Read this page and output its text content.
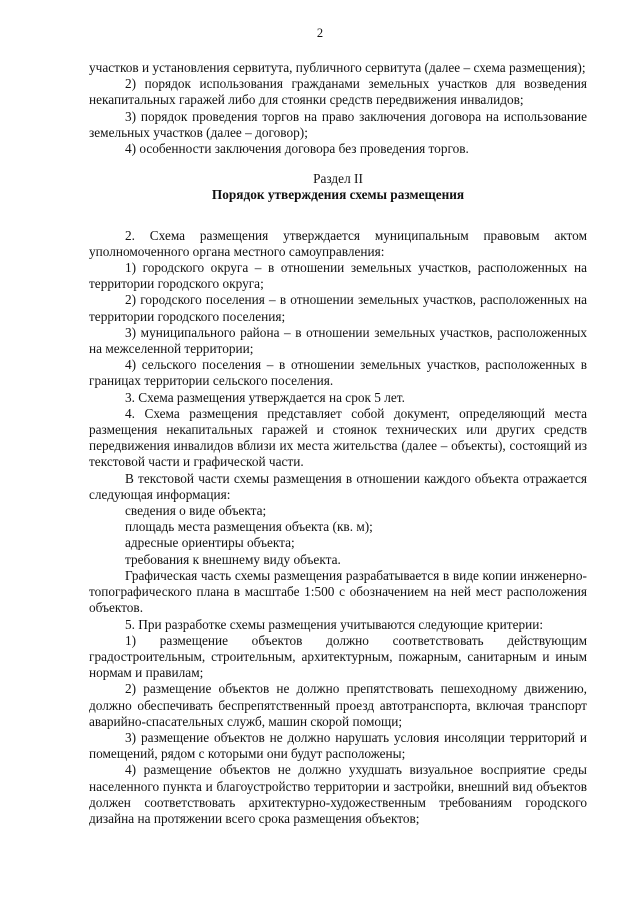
2

участков и установления сервитута, публичного сервитута (далее – схема размещения);

2) порядок использования гражданами земельных участков для возведения некапитальных гаражей либо для стоянки средств передвижения инвалидов;

3) порядок проведения торгов на право заключения договора на использование земельных участков (далее – договор);

4) особенности заключения договора без проведения торгов.

Раздел II

Порядок утверждения схемы размещения

2. Схема размещения утверждается муниципальным правовым актом уполномоченного органа местного самоуправления:

1) городского округа – в отношении земельных участков, расположенных на территории городского округа;

2) городского поселения – в отношении земельных участков, расположенных на территории городского поселения;

3) муниципального района – в отношении земельных участков, расположенных на межселенной территории;

4) сельского поселения – в отношении земельных участков, расположенных в границах территории сельского поселения.

3. Схема размещения утверждается на срок 5 лет.

4. Схема размещения представляет собой документ, определяющий места размещения некапитальных гаражей и стоянок технических или других средств передвижения инвалидов вблизи их места жительства (далее – объекты), состоящий из текстовой части и графической части.

В текстовой части схемы размещения в отношении каждого объекта отражается следующая информация:

сведения о виде объекта;

площадь места размещения объекта (кв. м);

адресные ориентиры объекта;

требования к внешнему виду объекта.

Графическая часть схемы размещения разрабатывается в виде копии инженерно-топографического плана в масштабе 1:500 с обозначением на ней мест расположения объектов.

5. При разработке схемы размещения учитываются следующие критерии:

1) размещение объектов должно соответствовать действующим градостроительным, строительным, архитектурным, пожарным, санитарным и иным нормам и правилам;

2) размещение объектов не должно препятствовать пешеходному движению, должно обеспечивать беспрепятственный проезд автотранспорта, включая транспорт аварийно-спасательных служб, машин скорой помощи;

3) размещение объектов не должно нарушать условия инсоляции территорий и помещений, рядом с которыми они будут расположены;

4) размещение объектов не должно ухудшать визуальное восприятие среды населенного пункта и благоустройство территории и застройки, внешний вид объектов должен соответствовать архитектурно-художественным требованиям городского дизайна на протяжении всего срока размещения объектов;
